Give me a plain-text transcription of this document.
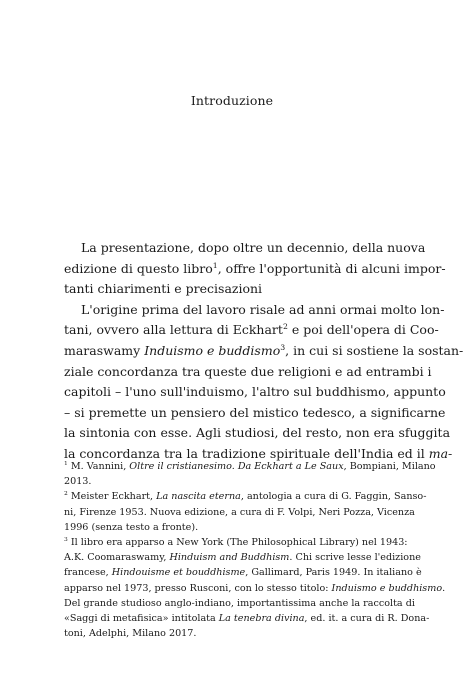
Introduzione
La presentazione, dopo oltre un decennio, della nuova
edizione di questo libro$^1$, offre l'opportunità di alcuni impor-
tanti chiarimenti e precisazioni
L'origine prima del lavoro risale ad anni ormai molto lon-
tani, ovvero alla lettura di Eckhart$^2$ e poi dell'opera di Coo-
maraswamy Induismo e buddismo$^3$, in cui si sostiene la sostan-
ziale concordanza tra queste due religioni e ad entrambi i
capitoli – l'uno sull'induismo, l'altro sul buddhismo, appunto
– si premette un pensiero del mistico tedesco, a significarne
la sintonia con esse. Agli studiosi, del resto, non era sfuggita
la concordanza tra la tradizione spirituale dell'India ed il ma-
$^1$ M. Vannini, Oltre il cristianesimo. Da Eckhart a Le Saux, Bompiani, Milano
2013.
$^2$ Meister Eckhart, La nascita eterna, antologia a cura di G. Faggin, Sanso-
ni, Firenze 1953. Nuova edizione, a cura di F. Volpi, Neri Pozza, Vicenza
1996 (senza testo a fronte).
$^3$ Il libro era apparso a New York (The Philosophical Library) nel 1943:
A.K. Coomaraswamy, Hinduism and Buddhism. Chi scrive lesse l'edizione
francese, Hindouisme et bouddhisme, Gallimard, Paris 1949. In italiano è
apparso nel 1973, presso Rusconi, con lo stesso titolo: Induismo e buddhismo.
Del grande studioso anglo-indiano, importantissima anche la raccolta di
«Saggi di metafisica» intitolata La tenebra divina, ed. it. a cura di R. Dona-
toni, Adelphi, Milano 2017.
